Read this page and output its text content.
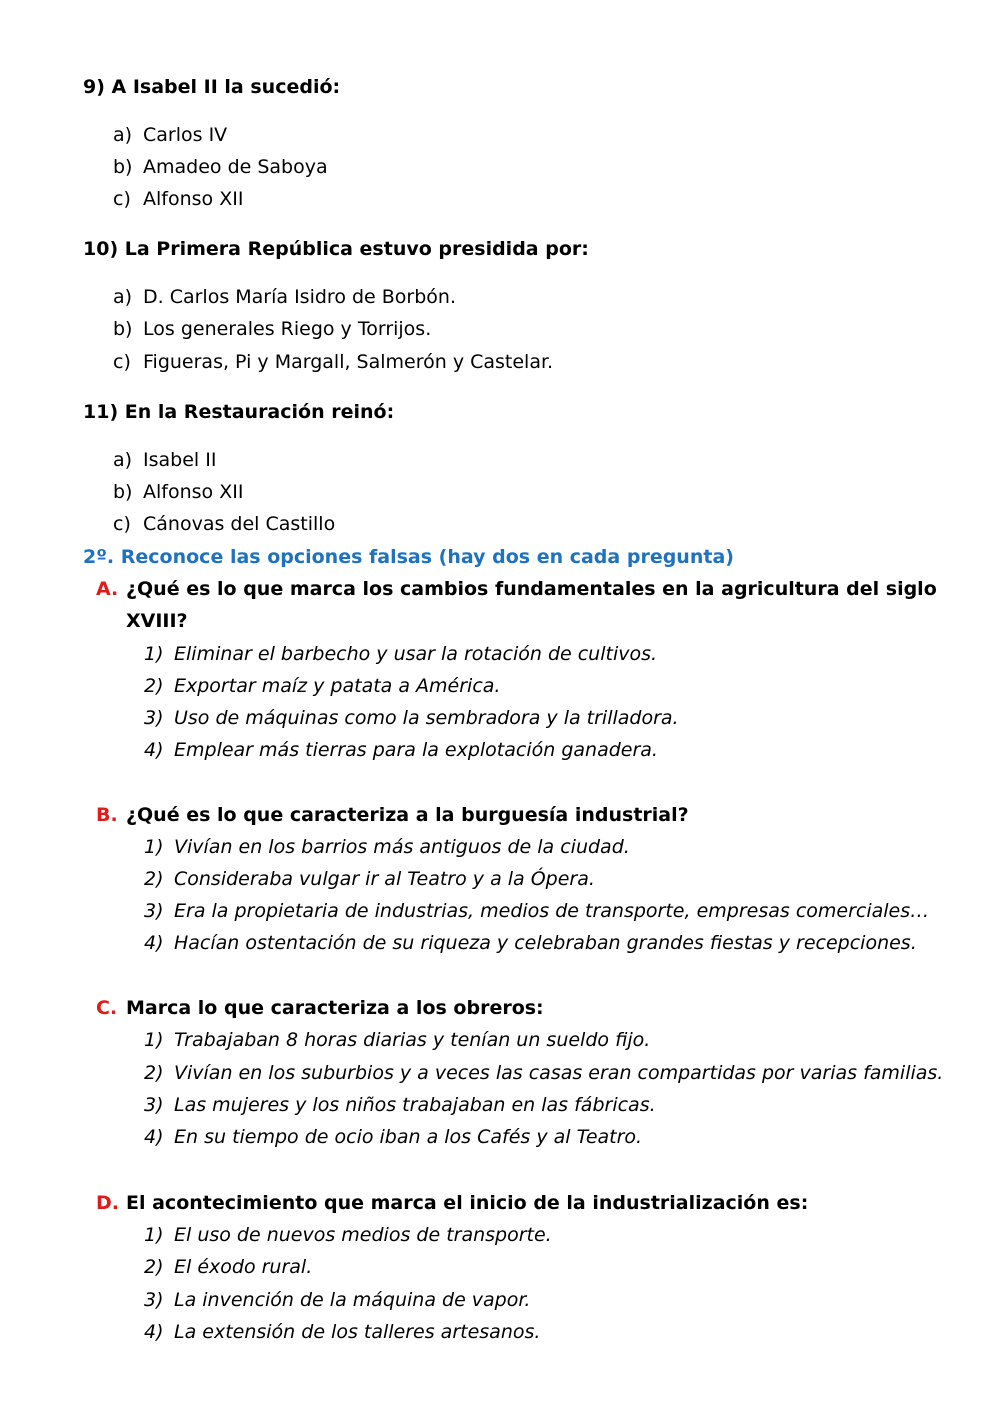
9) A Isabel II la sucedió:
a) Carlos IV
b) Amadeo de Saboya
c) Alfonso XII
10) La Primera República estuvo presidida por:
a) D. Carlos María Isidro de Borbón.
b) Los generales Riego y Torrijos.
c) Figueras, Pi y Margall, Salmerón y Castelar.
11) En la Restauración reinó:
a) Isabel II
b) Alfonso XII
c) Cánovas del Castillo
2º. Reconoce las opciones falsas (hay dos en cada pregunta)
A. ¿Qué es lo que marca los cambios fundamentales en la agricultura del siglo
XVIII?
1) Eliminar el barbecho y usar la rotación de cultivos.
2) Exportar maíz y patata a América.
3) Uso de máquinas como la sembradora y la trilladora.
4) Emplear más tierras para la explotación ganadera.
B. ¿Qué es lo que caracteriza a la burguesía industrial?
1) Vivían en los barrios más antiguos de la ciudad.
2) Consideraba vulgar ir al Teatro y a la Ópera.
3) Era la propietaria de industrias, medios de transporte, empresas comerciales…
4) Hacían ostentación de su riqueza y celebraban grandes fiestas y recepciones.
C. Marca lo que caracteriza a los obreros:
1) Trabajaban 8 horas diarias y tenían un sueldo fijo.
2) Vivían en los suburbios y a veces las casas eran compartidas por varias familias.
3) Las mujeres y los niños trabajaban en las fábricas.
4) En su tiempo de ocio iban a los Cafés y al Teatro.
D. El acontecimiento que marca el inicio de la industrialización es:
1) El uso de nuevos medios de transporte.
2) El éxodo rural.
3) La invención de la máquina de vapor.
4) La extensión de los talleres artesanos.
